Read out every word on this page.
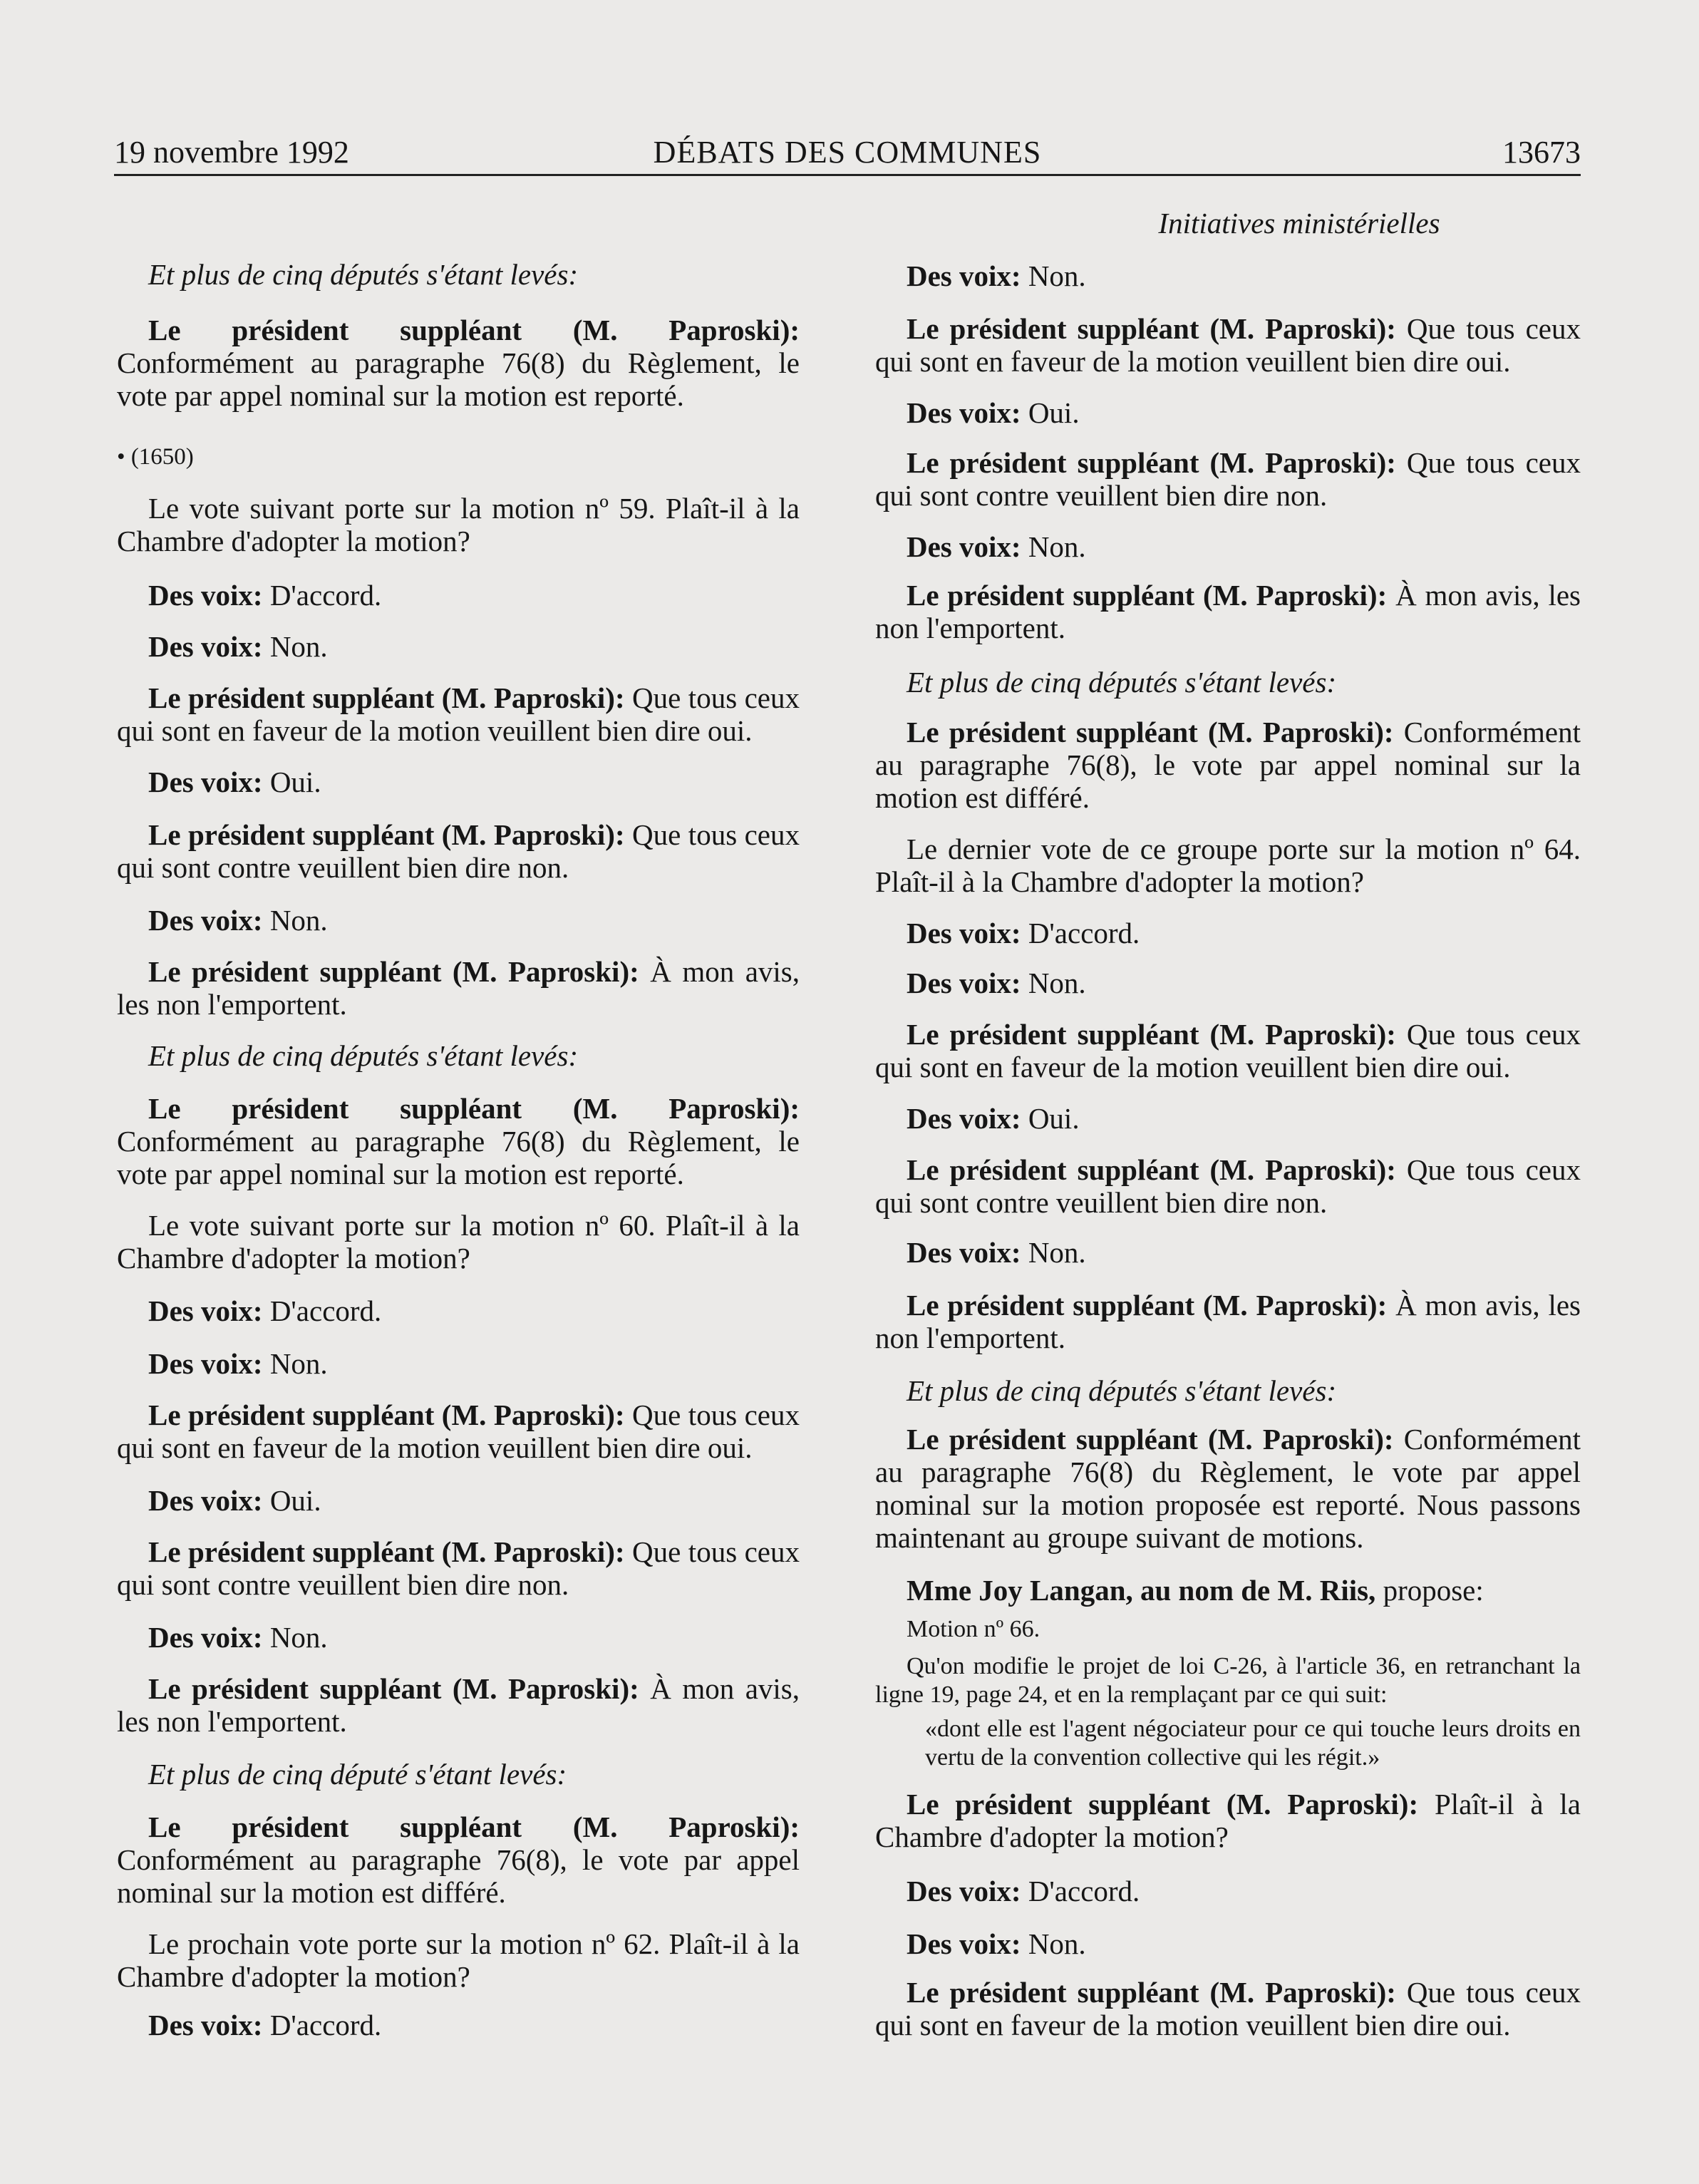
19 novembre 1992	DÉBATS DES COMMUNES	13673

Et plus de cinq députés s'étant levés:

Le président suppléant (M. Paproski): Conformément au paragraphe 76(8) du Règlement, le vote par appel nominal sur la motion est reporté.

• (1650)

Le vote suivant porte sur la motion nº 59. Plaît-il à la Chambre d'adopter la motion?

Des voix: D'accord.

Des voix: Non.

Le président suppléant (M. Paproski): Que tous ceux qui sont en faveur de la motion veuillent bien dire oui.

Des voix: Oui.

Le président suppléant (M. Paproski): Que tous ceux qui sont contre veuillent bien dire non.

Des voix: Non.

Le président suppléant (M. Paproski): À mon avis, les non l'emportent.

Et plus de cinq députés s'étant levés:

Le président suppléant (M. Paproski): Conformément au paragraphe 76(8) du Règlement, le vote par appel nominal sur la motion est reporté.

Le vote suivant porte sur la motion nº 60. Plaît-il à la Chambre d'adopter la motion?

Des voix: D'accord.

Des voix: Non.

Le président suppléant (M. Paproski): Que tous ceux qui sont en faveur de la motion veuillent bien dire oui.

Des voix: Oui.

Le président suppléant (M. Paproski): Que tous ceux qui sont contre veuillent bien dire non.

Des voix: Non.

Le président suppléant (M. Paproski): À mon avis, les non l'emportent.

Et plus de cinq député s'étant levés:

Le président suppléant (M. Paproski): Conformément au paragraphe 76(8), le vote par appel nominal sur la motion est différé.

Le prochain vote porte sur la motion nº 62. Plaît-il à la Chambre d'adopter la motion?

Des voix: D'accord.

Initiatives ministérielles

Des voix: Non.

Le président suppléant (M. Paproski): Que tous ceux qui sont en faveur de la motion veuillent bien dire oui.

Des voix: Oui.

Le président suppléant (M. Paproski): Que tous ceux qui sont contre veuillent bien dire non.

Des voix: Non.

Le président suppléant (M. Paproski): À mon avis, les non l'emportent.

Et plus de cinq députés s'étant levés:

Le président suppléant (M. Paproski): Conformément au paragraphe 76(8), le vote par appel nominal sur la motion est différé.

Le dernier vote de ce groupe porte sur la motion nº 64. Plaît-il à la Chambre d'adopter la motion?

Des voix: D'accord.

Des voix: Non.

Le président suppléant (M. Paproski): Que tous ceux qui sont en faveur de la motion veuillent bien dire oui.

Des voix: Oui.

Le président suppléant (M. Paproski): Que tous ceux qui sont contre veuillent bien dire non.

Des voix: Non.

Le président suppléant (M. Paproski): À mon avis, les non l'emportent.

Et plus de cinq députés s'étant levés:

Le président suppléant (M. Paproski): Conformément au paragraphe 76(8) du Règlement, le vote par appel nominal sur la motion proposée est reporté. Nous passons maintenant au groupe suivant de motions.

Mme Joy Langan, au nom de M. Riis, propose:

Motion nº 66.

Qu'on modifie le projet de loi C-26, à l'article 36, en retranchant la ligne 19, page 24, et en la remplaçant par ce qui suit:

«dont elle est l'agent négociateur pour ce qui touche leurs droits en vertu de la convention collective qui les régit.»

Le président suppléant (M. Paproski): Plaît-il à la Chambre d'adopter la motion?

Des voix: D'accord.

Des voix: Non.

Le président suppléant (M. Paproski): Que tous ceux qui sont en faveur de la motion veuillent bien dire oui.
